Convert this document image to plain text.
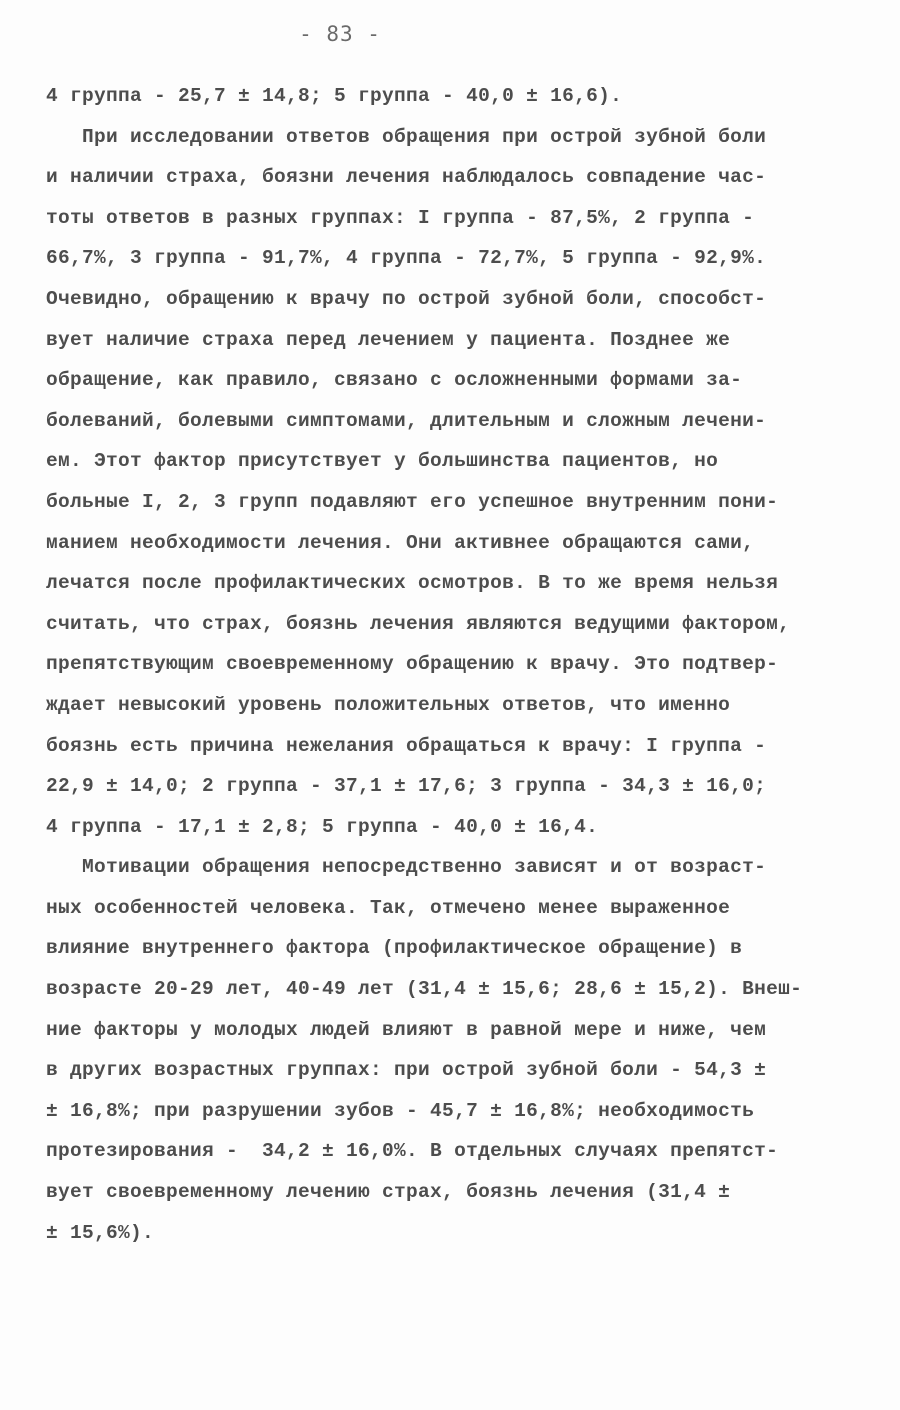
- 83 -
4 группа - 25,7 ± 14,8; 5 группа - 40,0 ± 16,6).
При исследовании ответов обращения при острой зубной боли
и наличии страха, боязни лечения наблюдалось совпадение час-
тоты ответов в разных группах: I группа - 87,5%, 2 группа -
66,7%, 3 группа - 91,7%, 4 группа - 72,7%, 5 группа - 92,9%.
Очевидно, обращению к врачу по острой зубной боли, способст-
вует наличие страха перед лечением у пациента. Позднее же
обращение, как правило, связано с осложненными формами за-
болеваний, болевыми симптомами, длительным и сложным лечени-
ем. Этот фактор присутствует у большинства пациентов, но
больные I, 2, 3 групп подавляют его успешное внутренним пони-
манием необходимости лечения. Они активнее обращаются сами,
лечатся после профилактических осмотров. В то же время нельзя
считать, что страх, боязнь лечения являются ведущими фактором,
препятствующим своевременному обращению к врачу. Это подтвер-
ждает невысокий уровень положительных ответов, что именно
боязнь есть причина нежелания обращаться к врачу: I группа -
22,9 ± 14,0; 2 группа - 37,1 ± 17,6; 3 группа - 34,3 ± 16,0;
4 группа - 17,1 ± 2,8; 5 группа - 40,0 ± 16,4.
Мотивации обращения непосредственно зависят и от возраст-
ных особенностей человека. Так, отмечено менее выраженное
влияние внутреннего фактора (профилактическое обращение) в
возрасте 20-29 лет, 40-49 лет (31,4 ± 15,6; 28,6 ± 15,2). Внеш-
ние факторы у молодых людей влияют в равной мере и ниже, чем
в других возрастных группах: при острой зубной боли - 54,3 ±
± 16,8%; при разрушении зубов - 45,7 ± 16,8%; необходимость
протезирования -  34,2 ± 16,0%. В отдельных случаях препятст-
вует своевременному лечению страх, боязнь лечения (31,4 ±
± 15,6%).
